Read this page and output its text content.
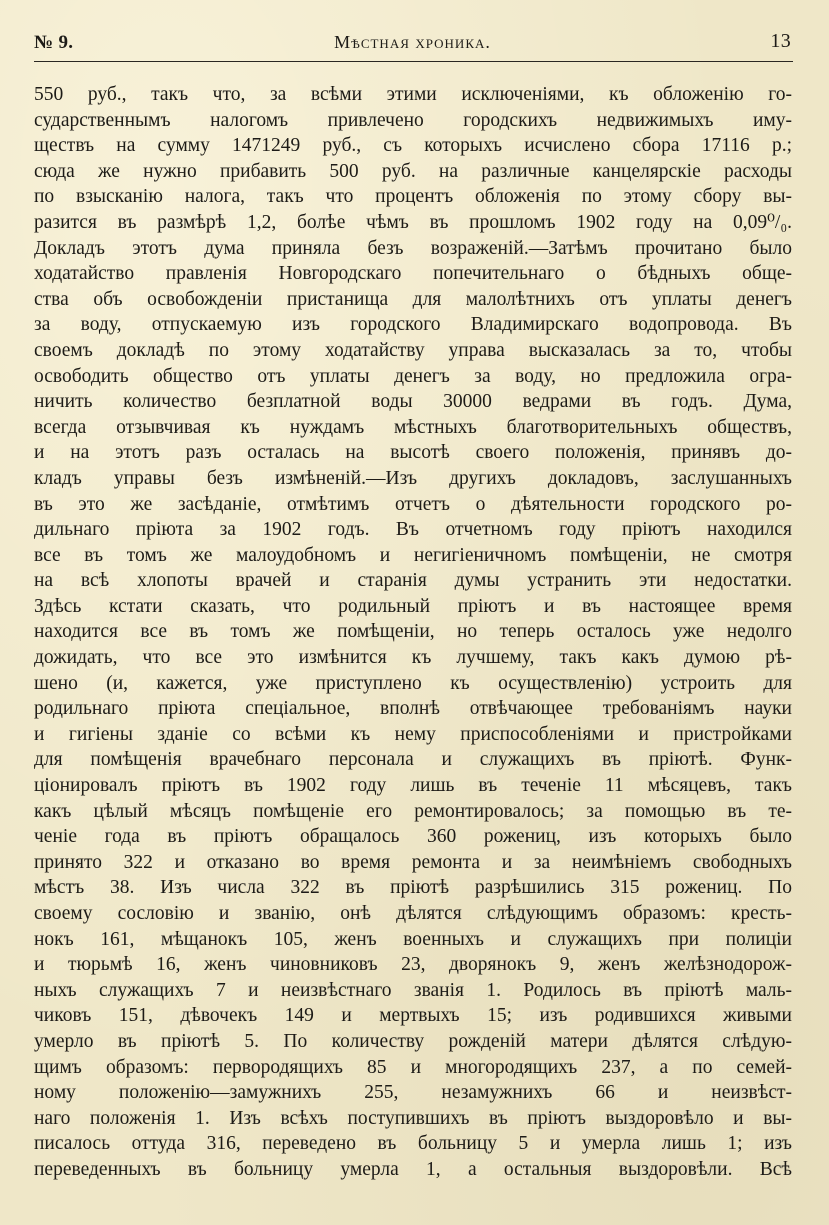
№ 9.	Мѣстная хроника.	13
550 руб., такъ что, за всѣми этими исключеніями, къ обложенію го-
сударственнымъ налогомъ привлечено городскихъ недвижимыхъ иму-
ществъ на сумму 1471249 руб., съ которыхъ исчислено сбора 17116 р.;
сюда же нужно прибавить 500 руб. на различные канцелярскіе расходы
по взысканію налога, такъ что процентъ обложенія по этому сбору вы-
разится въ размѣрѣ 1,2, болѣе чѣмъ въ прошломъ 1902 году на 0,09⁰/₀.
Докладъ этотъ дума приняла безъ возраженій.—Затѣмъ прочитано было
ходатайство правленія Новгородскаго попечительнаго о бѣдныхъ обще-
ства объ освобожденіи пристанища для малолѣтнихъ отъ уплаты денегъ
за воду, отпускаемую изъ городского Владимирскаго водопровода. Въ
своемъ докладѣ по этому ходатайству управа высказалась за то, чтобы
освободить общество отъ уплаты денегъ за воду, но предложила огра-
ничить количество безплатной воды 30000 ведрами въ годъ. Дума,
всегда отзывчивая къ нуждамъ мѣстныхъ благотворительныхъ обществъ,
и на этотъ разъ осталась на высотѣ своего положенія, принявъ до-
кладъ управы безъ измѣненій.—Изъ другихъ докладовъ, заслушанныхъ
въ это же засѣданіе, отмѣтимъ отчетъ о дѣятельности городского ро-
дильнаго пріюта за 1902 годъ. Въ отчетномъ году пріютъ находился
все въ томъ же малоудобномъ и негигіеничномъ помѣщеніи, не смотря
на всѣ хлопоты врачей и старанія думы устранить эти недостатки.
Здѣсь кстати сказать, что родильный пріютъ и въ настоящее время
находится все въ томъ же помѣщеніи, но теперь осталось уже недолго
дожидать, что все это измѣнится къ лучшему, такъ какъ думою рѣ-
шено (и, кажется, уже приступлено къ осуществленію) устроить для
родильнаго пріюта спеціальное, вполнѣ отвѣчающее требованіямъ науки
и гигіены зданіе со всѣми къ нему приспособленіями и пристройками
для помѣщенія врачебнаго персонала и служащихъ въ пріютѣ. Функ-
ціонировалъ пріютъ въ 1902 году лишь въ теченіе 11 мѣсяцевъ, такъ
какъ цѣлый мѣсяцъ помѣщеніе его ремонтировалось; за помощью въ те-
ченіе года въ пріютъ обращалось 360 рожениц, изъ которыхъ было
принято 322 и отказано во время ремонта и за неимѣніемъ свободныхъ
мѣстъ 38. Изъ числа 322 въ пріютѣ разрѣшились 315 рожениц. По
своему сословію и званію, онѣ дѣлятся слѣдующимъ образомъ: кресть-
нокъ 161, мѣщанокъ 105, женъ военныхъ и служащихъ при полиціи
и тюрьмѣ 16, женъ чиновниковъ 23, дворянокъ 9, женъ желѣзнодорож-
ныхъ служащихъ 7 и неизвѣстнаго званія 1. Родилось въ пріютѣ маль-
чиковъ 151, дѣвочекъ 149 и мертвыхъ 15; изъ родившихся живыми
умерло въ пріютѣ 5. По количеству рожденій матери дѣлятся слѣдую-
щимъ образомъ: первородящихъ 85 и многородящихъ 237, а по семей-
ному положенію—замужнихъ 255, незамужнихъ 66 и неизвѣст-
наго положенія 1. Изъ всѣхъ поступившихъ въ пріютъ выздоровѣло и вы-
писалось оттуда 316, переведено въ больницу 5 и умерла лишь 1; изъ
переведенныхъ въ больницу умерла 1, а остальныя выздоровѣли. Всѣ
